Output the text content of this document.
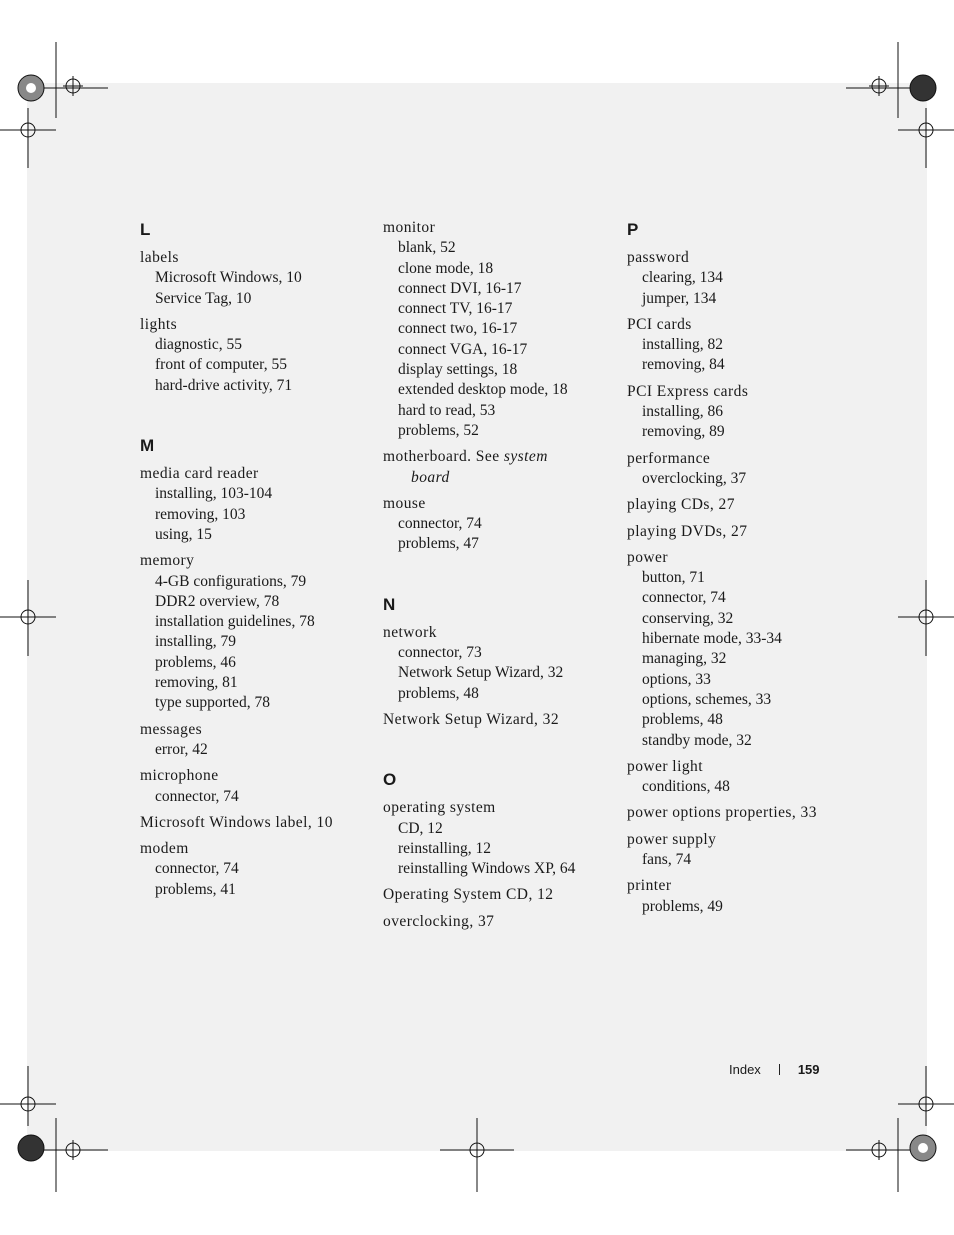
L
labels
Microsoft Windows, 10
Service Tag, 10
lights
diagnostic, 55
front of computer, 55
hard-drive activity, 71
M
media card reader
installing, 103-104
removing, 103
using, 15
memory
4-GB configurations, 79
DDR2 overview, 78
installation guidelines, 78
installing, 79
problems, 46
removing, 81
type supported, 78
messages
error, 42
microphone
connector, 74
Microsoft Windows label, 10
modem
connector, 74
problems, 41
monitor
blank, 52
clone mode, 18
connect DVI, 16-17
connect TV, 16-17
connect two, 16-17
connect VGA, 16-17
display settings, 18
extended desktop mode, 18
hard to read, 53
problems, 52
motherboard. See system
board
mouse
connector, 74
problems, 47
N
network
connector, 73
Network Setup Wizard, 32
problems, 48
Network Setup Wizard, 32
O
operating system
CD, 12
reinstalling, 12
reinstalling Windows XP, 64
Operating System CD, 12
overclocking, 37
P
password
clearing, 134
jumper, 134
PCI cards
installing, 82
removing, 84
PCI Express cards
installing, 86
removing, 89
performance
overclocking, 37
playing CDs, 27
playing DVDs, 27
power
button, 71
connector, 74
conserving, 32
hibernate mode, 33-34
managing, 32
options, 33
options, schemes, 33
problems, 48
standby mode, 32
power light
conditions, 48
power options properties, 33
power supply
fans, 74
printer
problems, 49
Index	159
